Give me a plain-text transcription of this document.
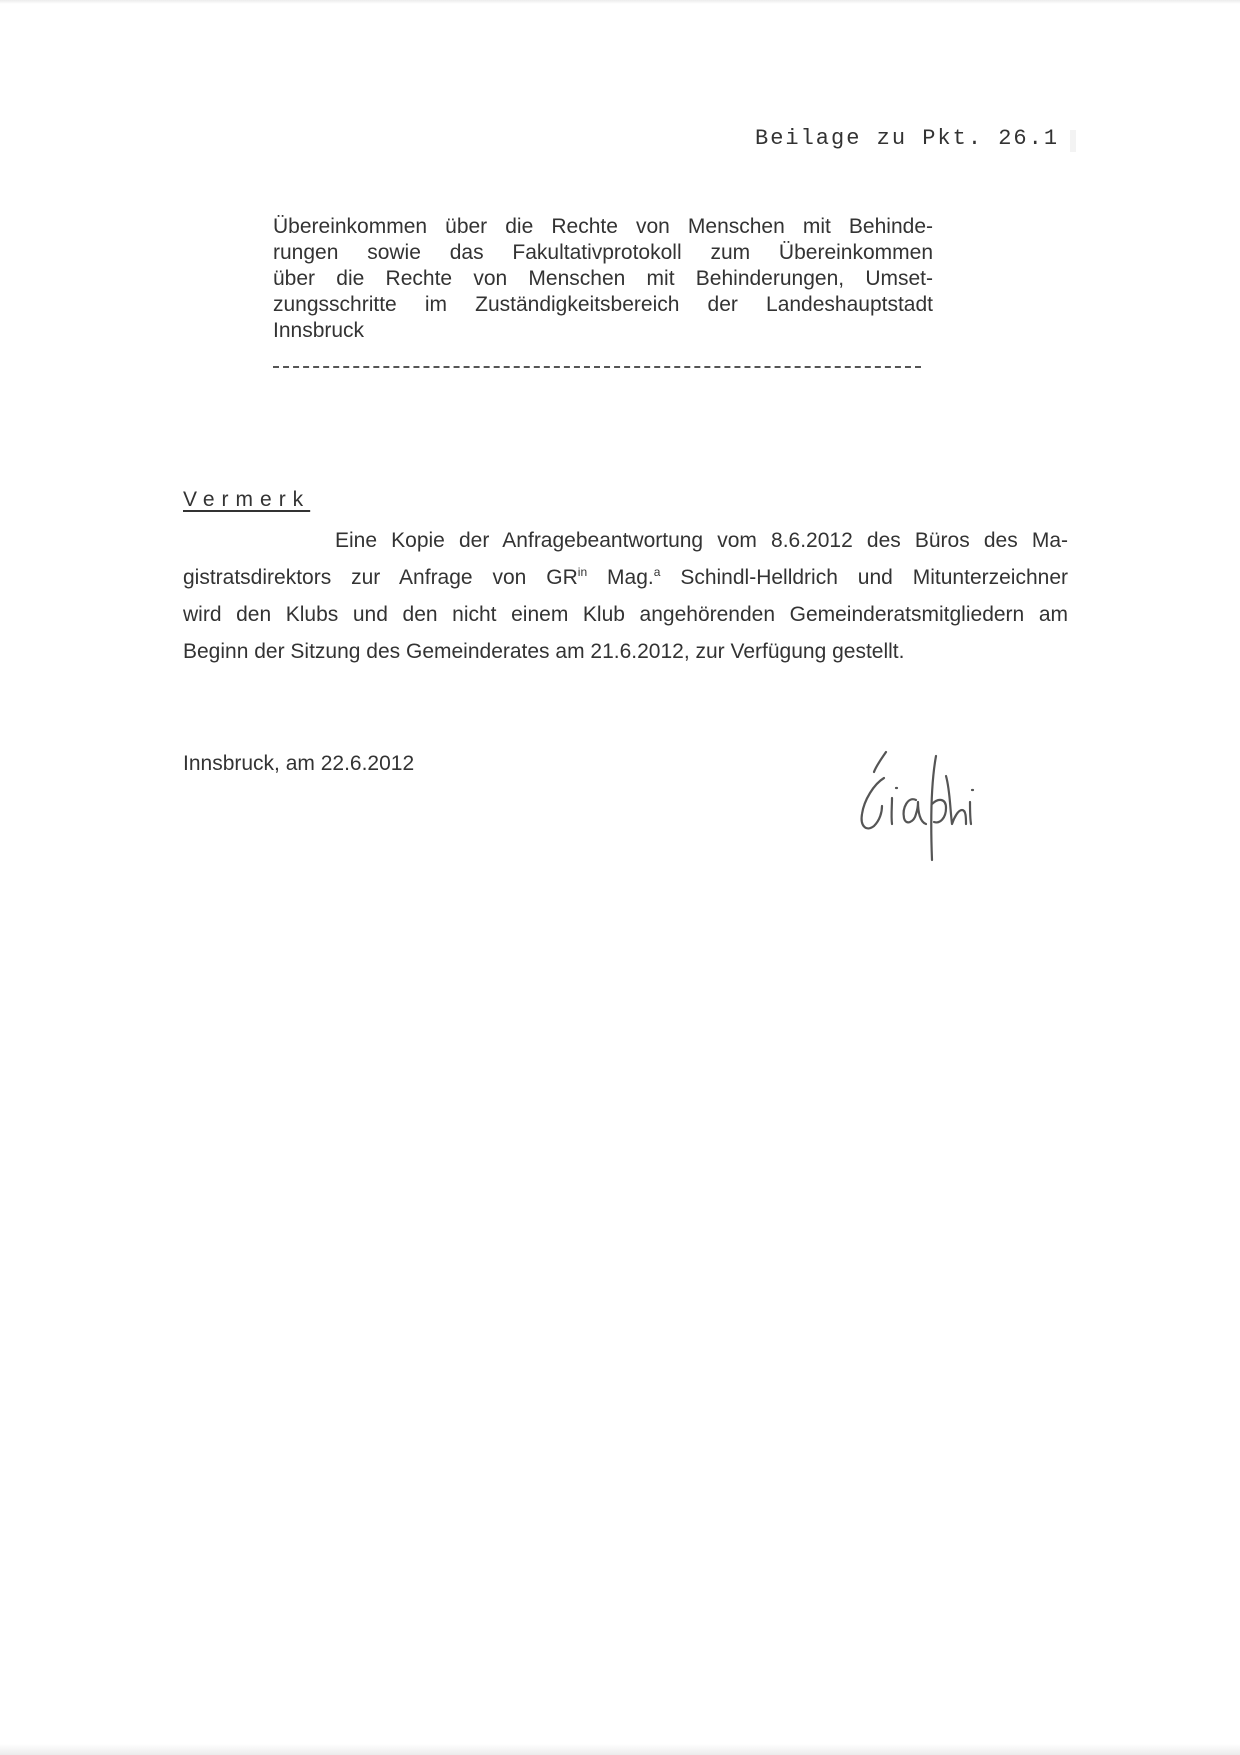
Beilage zu Pkt. 26.1
Übereinkommen über die Rechte von Menschen mit Behinde-
rungen sowie das Fakultativprotokoll zum Übereinkommen
über die Rechte von Menschen mit Behinderungen, Umset-
zungsschritte im Zuständigkeitsbereich der Landeshauptstadt
Innsbruck
Vermerk
Eine Kopie der Anfragebeantwortung vom 8.6.2012 des Büros des Ma-
gistratsdirektors zur Anfrage von $GR^{in}$ Mag.$^a$ Schindl-Helldrich und Mitunterzeichner
wird den Klubs und den nicht einem Klub angehörenden Gemeinderatsmitgliedern am
Beginn der Sitzung des Gemeinderates am 21.6.2012, zur Verfügung gestellt.
Innsbruck, am 22.6.2012
